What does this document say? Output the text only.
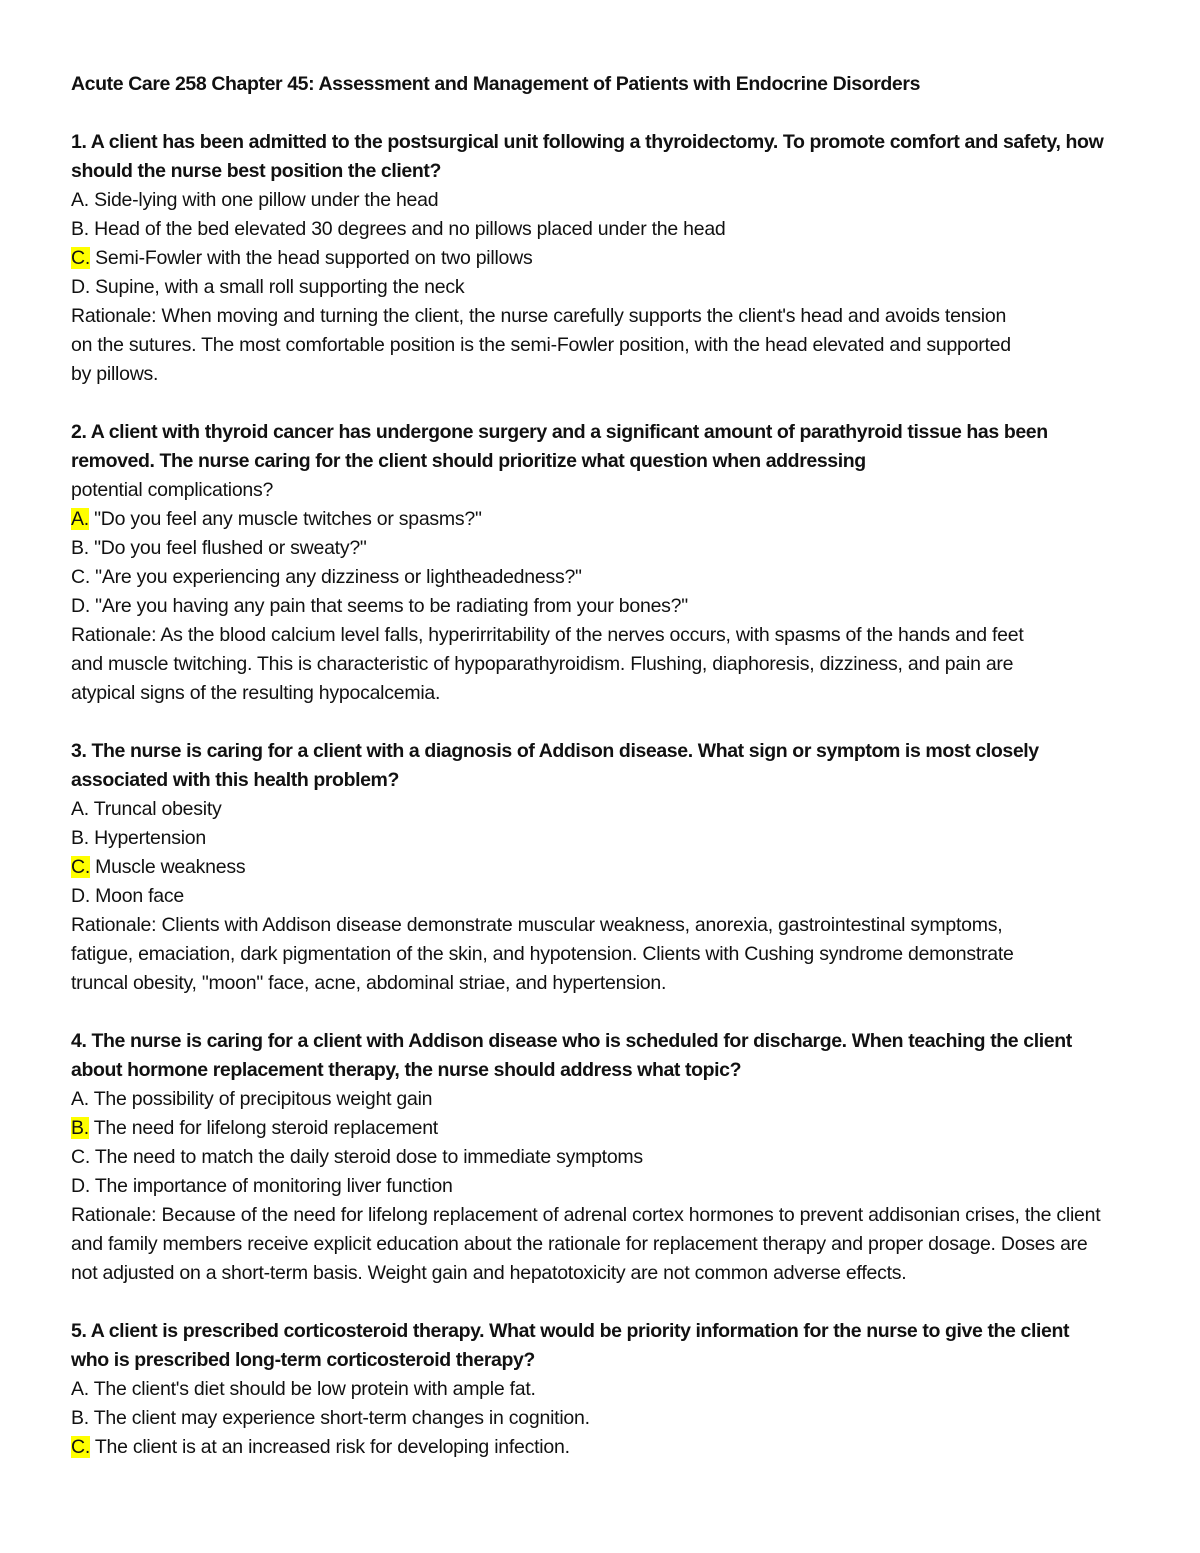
Acute Care 258 Chapter 45: Assessment and Management of Patients with Endocrine Disorders
1. A client has been admitted to the postsurgical unit following a thyroidectomy. To promote comfort and safety, how should the nurse best position the client?
A. Side-lying with one pillow under the head
B. Head of the bed elevated 30 degrees and no pillows placed under the head
C. Semi-Fowler with the head supported on two pillows
D. Supine, with a small roll supporting the neck
Rationale: When moving and turning the client, the nurse carefully supports the client's head and avoids tension on the sutures. The most comfortable position is the semi-Fowler position, with the head elevated and supported by pillows.
2. A client with thyroid cancer has undergone surgery and a significant amount of parathyroid tissue has been removed. The nurse caring for the client should prioritize what question when addressing
potential complications?
A. "Do you feel any muscle twitches or spasms?"
B. "Do you feel flushed or sweaty?"
C. "Are you experiencing any dizziness or lightheadedness?"
D. "Are you having any pain that seems to be radiating from your bones?"
Rationale: As the blood calcium level falls, hyperirritability of the nerves occurs, with spasms of the hands and feet and muscle twitching. This is characteristic of hypoparathyroidism. Flushing, diaphoresis, dizziness, and pain are atypical signs of the resulting hypocalcemia.
3. The nurse is caring for a client with a diagnosis of Addison disease. What sign or symptom is most closely associated with this health problem?
A. Truncal obesity
B. Hypertension
C. Muscle weakness
D. Moon face
Rationale: Clients with Addison disease demonstrate muscular weakness, anorexia, gastrointestinal symptoms, fatigue, emaciation, dark pigmentation of the skin, and hypotension. Clients with Cushing syndrome demonstrate truncal obesity, "moon" face, acne, abdominal striae, and hypertension.
4. The nurse is caring for a client with Addison disease who is scheduled for discharge. When teaching the client about hormone replacement therapy, the nurse should address what topic?
A. The possibility of precipitous weight gain
B. The need for lifelong steroid replacement
C. The need to match the daily steroid dose to immediate symptoms
D. The importance of monitoring liver function
Rationale: Because of the need for lifelong replacement of adrenal cortex hormones to prevent addisonian crises, the client and family members receive explicit education about the rationale for replacement therapy and proper dosage. Doses are not adjusted on a short-term basis. Weight gain and hepatotoxicity are not common adverse effects.
5. A client is prescribed corticosteroid therapy. What would be priority information for the nurse to give the client who is prescribed long-term corticosteroid therapy?
A. The client's diet should be low protein with ample fat.
B. The client may experience short-term changes in cognition.
C. The client is at an increased risk for developing infection.
